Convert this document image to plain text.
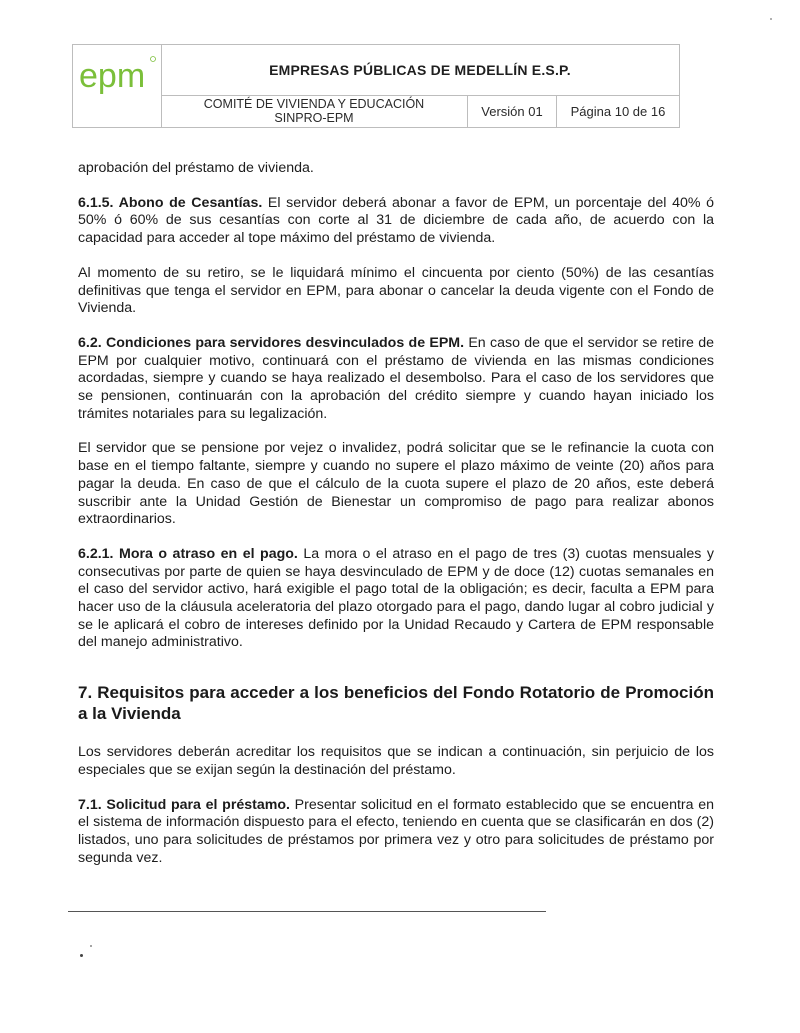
epm	EMPRESAS PÚBLICAS DE MEDELLÍN E.S.P.
COMITÉ DE VIVIENDA Y EDUCACIÓN
SINPRO-EPM	Versión 01	Página 10 de 16

aprobación del préstamo de vivienda.

6.1.5. Abono de Cesantías. El servidor deberá abonar a favor de EPM, un porcentaje del 40% ó 50% ó 60% de sus cesantías con corte al 31 de diciembre de cada año, de acuerdo con la capacidad para acceder al tope máximo del préstamo de vivienda.

Al momento de su retiro, se le liquidará mínimo el cincuenta por ciento (50%) de las cesantías definitivas que tenga el servidor en EPM, para abonar o cancelar la deuda vigente con el Fondo de Vivienda.

6.2. Condiciones para servidores desvinculados de EPM. En caso de que el servidor se retire de EPM por cualquier motivo, continuará con el préstamo de vivienda en las mismas condiciones acordadas, siempre y cuando se haya realizado el desembolso. Para el caso de los servidores que se pensionen, continuarán con la aprobación del crédito siempre y cuando hayan iniciado los trámites notariales para su legalización.

El servidor que se pensione por vejez o invalidez, podrá solicitar que se le refinancie la cuota con base en el tiempo faltante, siempre y cuando no supere el plazo máximo de veinte (20) años para pagar la deuda. En caso de que el cálculo de la cuota supere el plazo de 20 años, este deberá suscribir ante la Unidad Gestión de Bienestar un compromiso de pago para realizar abonos extraordinarios.

6.2.1. Mora o atraso en el pago. La mora o el atraso en el pago de tres (3) cuotas mensuales y consecutivas por parte de quien se haya desvinculado de EPM y de doce (12) cuotas semanales en el caso del servidor activo, hará exigible el pago total de la obligación; es decir, faculta a EPM para hacer uso de la cláusula aceleratoria del plazo otorgado para el pago, dando lugar al cobro judicial y se le aplicará el cobro de intereses definido por la Unidad Recaudo y Cartera de EPM responsable del manejo administrativo.

7. Requisitos para acceder a los beneficios del Fondo Rotatorio de Promoción a la Vivienda

Los servidores deberán acreditar los requisitos que se indican a continuación, sin perjuicio de los especiales que se exijan según la destinación del préstamo.

7.1. Solicitud para el préstamo. Presentar solicitud en el formato establecido que se encuentra en el sistema de información dispuesto para el efecto, teniendo en cuenta que se clasificarán en dos (2) listados, uno para solicitudes de préstamos por primera vez y otro para solicitudes de préstamo por segunda vez.
